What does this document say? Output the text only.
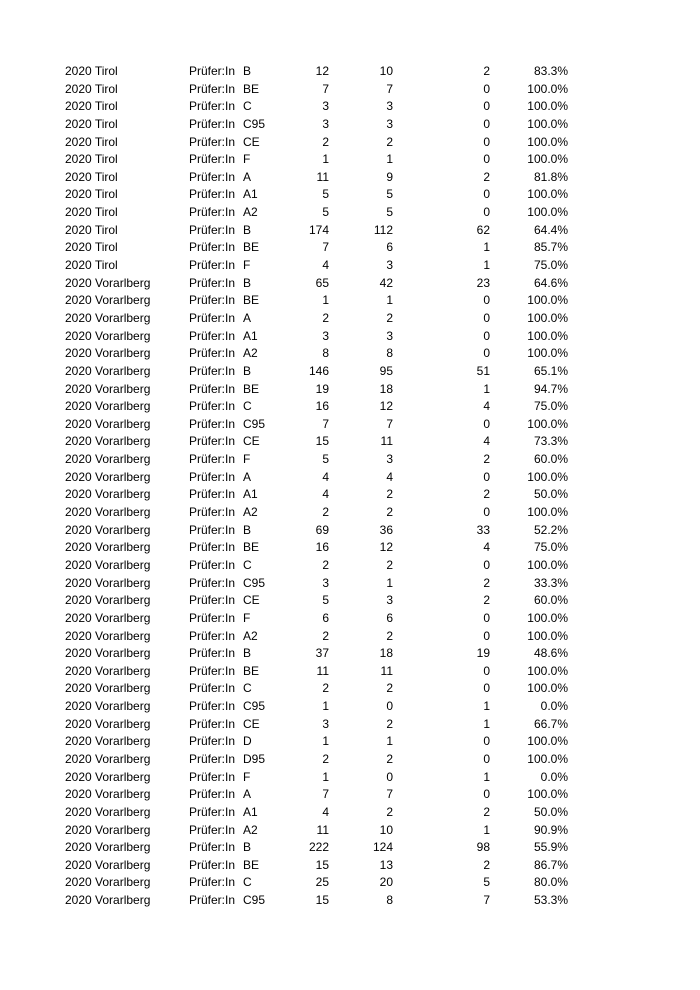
2020 Tirol	Prüfer:In B	12	10	2	83.3%
2020 Tirol	Prüfer:In BE	7	7	0	100.0%
2020 Tirol	Prüfer:In C	3	3	0	100.0%
2020 Tirol	Prüfer:In C95	3	3	0	100.0%
2020 Tirol	Prüfer:In CE	2	2	0	100.0%
2020 Tirol	Prüfer:In F	1	1	0	100.0%
2020 Tirol	Prüfer:In A	11	9	2	81.8%
2020 Tirol	Prüfer:In A1	5	5	0	100.0%
2020 Tirol	Prüfer:In A2	5	5	0	100.0%
2020 Tirol	Prüfer:In B	174	112	62	64.4%
2020 Tirol	Prüfer:In BE	7	6	1	85.7%
2020 Tirol	Prüfer:In F	4	3	1	75.0%
2020 Vorarlberg	Prüfer:In B	65	42	23	64.6%
2020 Vorarlberg	Prüfer:In BE	1	1	0	100.0%
2020 Vorarlberg	Prüfer:In A	2	2	0	100.0%
2020 Vorarlberg	Prüfer:In A1	3	3	0	100.0%
2020 Vorarlberg	Prüfer:In A2	8	8	0	100.0%
2020 Vorarlberg	Prüfer:In B	146	95	51	65.1%
2020 Vorarlberg	Prüfer:In BE	19	18	1	94.7%
2020 Vorarlberg	Prüfer:In C	16	12	4	75.0%
2020 Vorarlberg	Prüfer:In C95	7	7	0	100.0%
2020 Vorarlberg	Prüfer:In CE	15	11	4	73.3%
2020 Vorarlberg	Prüfer:In F	5	3	2	60.0%
2020 Vorarlberg	Prüfer:In A	4	4	0	100.0%
2020 Vorarlberg	Prüfer:In A1	4	2	2	50.0%
2020 Vorarlberg	Prüfer:In A2	2	2	0	100.0%
2020 Vorarlberg	Prüfer:In B	69	36	33	52.2%
2020 Vorarlberg	Prüfer:In BE	16	12	4	75.0%
2020 Vorarlberg	Prüfer:In C	2	2	0	100.0%
2020 Vorarlberg	Prüfer:In C95	3	1	2	33.3%
2020 Vorarlberg	Prüfer:In CE	5	3	2	60.0%
2020 Vorarlberg	Prüfer:In F	6	6	0	100.0%
2020 Vorarlberg	Prüfer:In A2	2	2	0	100.0%
2020 Vorarlberg	Prüfer:In B	37	18	19	48.6%
2020 Vorarlberg	Prüfer:In BE	11	11	0	100.0%
2020 Vorarlberg	Prüfer:In C	2	2	0	100.0%
2020 Vorarlberg	Prüfer:In C95	1	0	1	0.0%
2020 Vorarlberg	Prüfer:In CE	3	2	1	66.7%
2020 Vorarlberg	Prüfer:In D	1	1	0	100.0%
2020 Vorarlberg	Prüfer:In D95	2	2	0	100.0%
2020 Vorarlberg	Prüfer:In F	1	0	1	0.0%
2020 Vorarlberg	Prüfer:In A	7	7	0	100.0%
2020 Vorarlberg	Prüfer:In A1	4	2	2	50.0%
2020 Vorarlberg	Prüfer:In A2	11	10	1	90.9%
2020 Vorarlberg	Prüfer:In B	222	124	98	55.9%
2020 Vorarlberg	Prüfer:In BE	15	13	2	86.7%
2020 Vorarlberg	Prüfer:In C	25	20	5	80.0%
2020 Vorarlberg	Prüfer:In C95	15	8	7	53.3%
